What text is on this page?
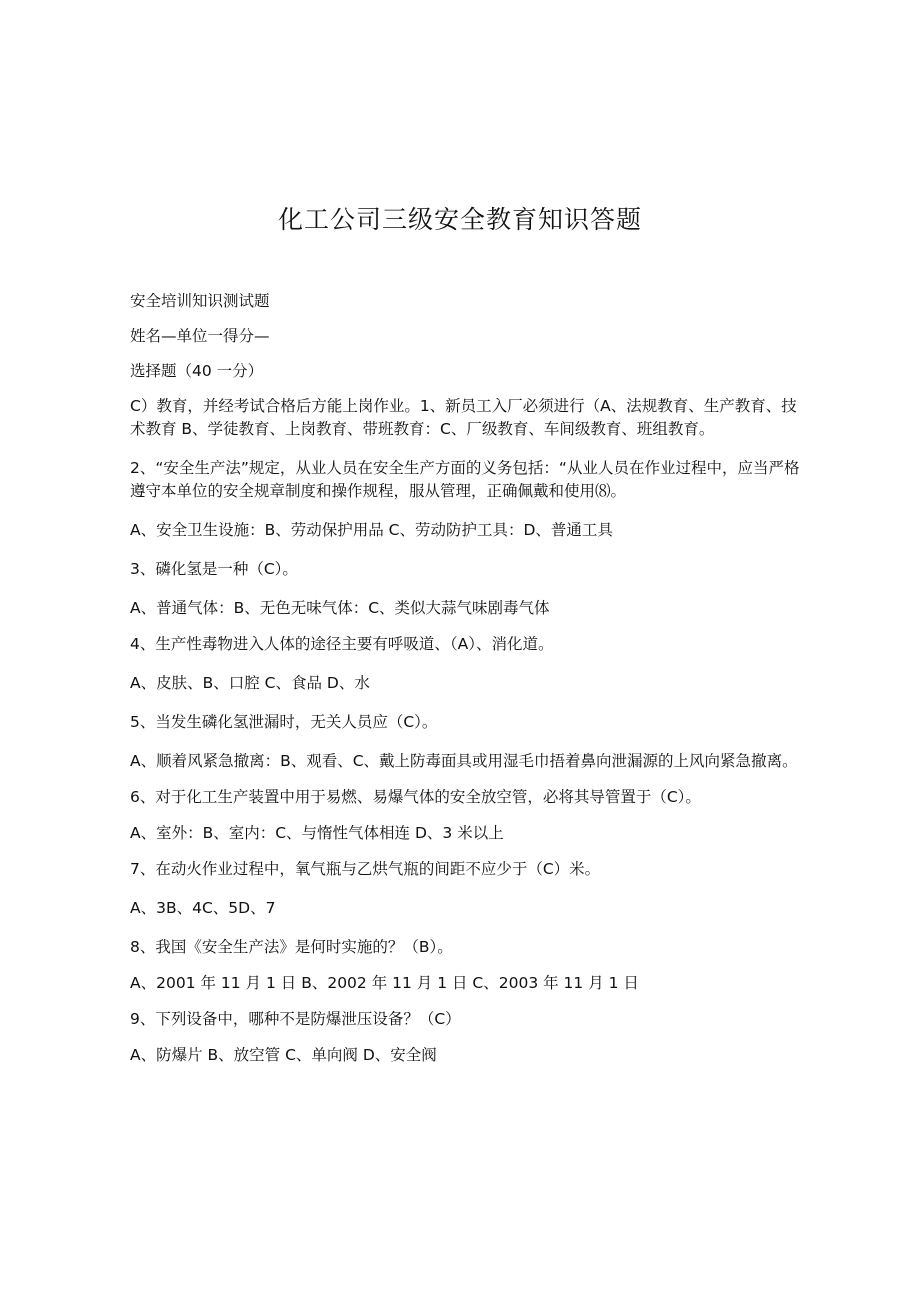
化工公司三级安全教育知识答题

安全培训知识测试题

姓名—单位一得分—

选择题（40 一分）

C）教育，并经考试合格后方能上岗作业。1、新员工入厂必须进行（A、法规教育、生产教育、技术教育 B、学徒教育、上岗教育、带班教育：C、厂级教育、车间级教育、班组教育。

2、“安全生产法”规定，从业人员在安全生产方面的义务包括：“从业人员在作业过程中，应当严格遵守本单位的安全规章制度和操作规程，服从管理，正确佩戴和使用⑻。

A、安全卫生设施：B、劳动保护用品 C、劳动防护工具：D、普通工具

3、磷化氢是一种（C）。

A、普通气体：B、无色无味气体：C、类似大蒜气味剧毒气体

4、生产性毒物进入人体的途径主要有呼吸道、（A）、消化道。

A、皮肤、B、口腔 C、食品 D、水

5、当发生磷化氢泄漏时，无关人员应（C）。

A、顺着风紧急撤离：B、观看、C、戴上防毒面具或用湿毛巾捂着鼻向泄漏源的上风向紧急撤离。

6、对于化工生产装置中用于易燃、易爆气体的安全放空管，必将其导管置于（C）。

A、室外：B、室内：C、与惰性气体相连 D、3 米以上

7、在动火作业过程中，氧气瓶与乙烘气瓶的间距不应少于（C）米。

A、3B、4C、5D、7

8、我国《安全生产法》是何时实施的？（B）。

A、2001 年 11 月 1 日 B、2002 年 11 月 1 日 C、2003 年 11 月 1 日

9、下列设备中，哪种不是防爆泄压设备？（C）

A、防爆片 B、放空管 C、单向阀 D、安全阀
